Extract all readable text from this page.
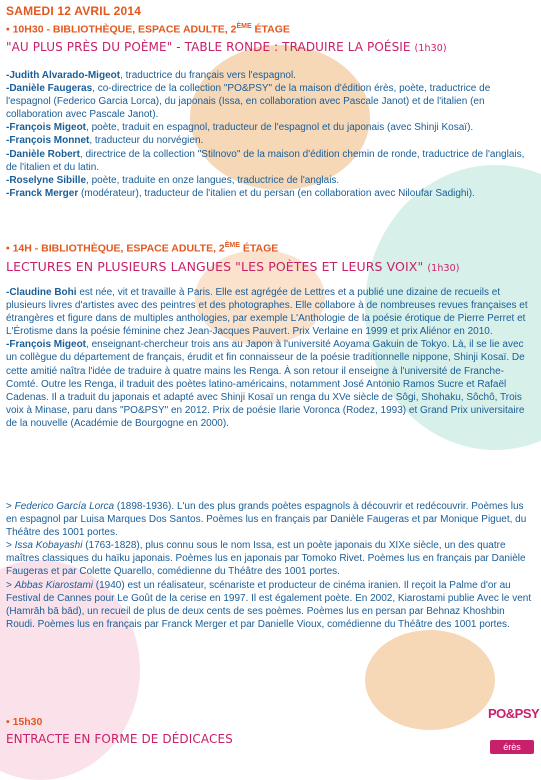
SAMEDI 12 AVRIL 2014
• 10H30 - BIBLIOTHÈQUE, ESPACE ADULTE, 2ÈME ÉTAGE
"AU PLUS PRÈS DU POÈME" - TABLE RONDE : TRADUIRE LA POÉSIE (1h30)

-Judith Alvarado-Migeot, traductrice du français vers l'espagnol.

-Danièle Faugeras, co-directrice de la collection "PO&PSY" de la maison d'édition érès, poète, traductrice de l'espagnol (Federico Garcia Lorca), du japonais (Issa, en collaboration avec Pascale Janot) et de l'italien (en collaboration avec Pascale Janot).

-François Migeot, poète, traduit en espagnol, traducteur de l'espagnol et du japonais (avec Shinji Kosaï).

-François Monnet, traducteur du norvégien.

-Danièle Robert, directrice de la collection "Stilnovo" de la maison d'édition chemin de ronde, traductrice de l'anglais, de l'italien et du latin.

-Roselyne Sibille, poète, traduite en onze langues, traductrice de l'anglais.

-Franck Merger (modérateur), traducteur de l'italien et du persan (en collaboration avec Niloufar Sadighi).

• 14H - BIBLIOTHÈQUE, ESPACE ADULTE, 2ÈME ÉTAGE
LECTURES EN PLUSIEURS LANGUES "LES POÈTES ET LEURS VOIX" (1h30)

-Claudine Bohi est née, vit et travaille à Paris. Elle est agrégée de Lettres et a publié une dizaine de recueils et plusieurs livres d'artistes avec des peintres et des photographes. Elle collabore à de nombreuses revues françaises et étrangères et figure dans de multiples anthologies, par exemple L'Anthologie de la poésie érotique de Pierre Perret et L'Érotisme dans la poésie féminine chez Jean-Jacques Pauvert. Prix Verlaine en 1999 et prix Aliénor en 2010.

-François Migeot, enseignant-chercheur trois ans au Japon à l'université Aoyama Gakuin de Tokyo. Là, il se lie avec un collègue du département de français, érudit et fin connaisseur de la poésie traditionnelle nippone, Shinji Kosaï. De cette amitié naîtra l'idée de traduire à quatre mains les Renga. À son retour il enseigne à l'université de Franche-Comté. Outre les Renga, il traduit des poètes latino-américains, notamment José Antonio Ramos Sucre et Rafaël Cadenas. Il a traduit du japonais et adapté avec Shinji Kosaï un renga du XVe siècle de Sôgi, Shohaku, Sôchô, Trois voix à Minase, paru dans "PO&PSY" en 2012. Prix de poésie Ilarie Voronca (Rodez, 1993) et Grand Prix universitaire de la nouvelle (Académie de Bourgogne en 2000).

> Federico García Lorca (1898-1936). L'un des plus grands poètes espagnols à découvrir et redécouvrir. Poèmes lus en espagnol par Luisa Marques Dos Santos. Poèmes lus en français par Danièle Faugeras et par Monique Piguet, du Théâtre des 1001 portes.

> Issa Kobayashi (1763-1828), plus connu sous le nom Issa, est un poète japonais du XIXe siècle, un des quatre maîtres classiques du haïku japonais. Poèmes lus en japonais par Tomoko Rivet. Poèmes lus en français par Danièle Faugeras et par Colette Quarello, comédienne du Théâtre des 1001 portes.

> Abbas Kiarostami (1940) est un réalisateur, scénariste et producteur de cinéma iranien. Il reçoit la Palme d'or au Festival de Cannes pour Le Goût de la cerise en 1997. Il est également poète. En 2002, Kiarostami publie Avec le vent (Hamrāh bā bād), un recueil de plus de deux cents de ses poèmes. Poèmes lus en persan par Behnaz Khoshbin Roudi. Poèmes lus en français par Franck Merger et par Danielle Vioux, comédienne du Théâtre des 1001 portes.

• 15h30
ENTRACTE EN FORME DE DÉDICACES
PO&PSY
érès
